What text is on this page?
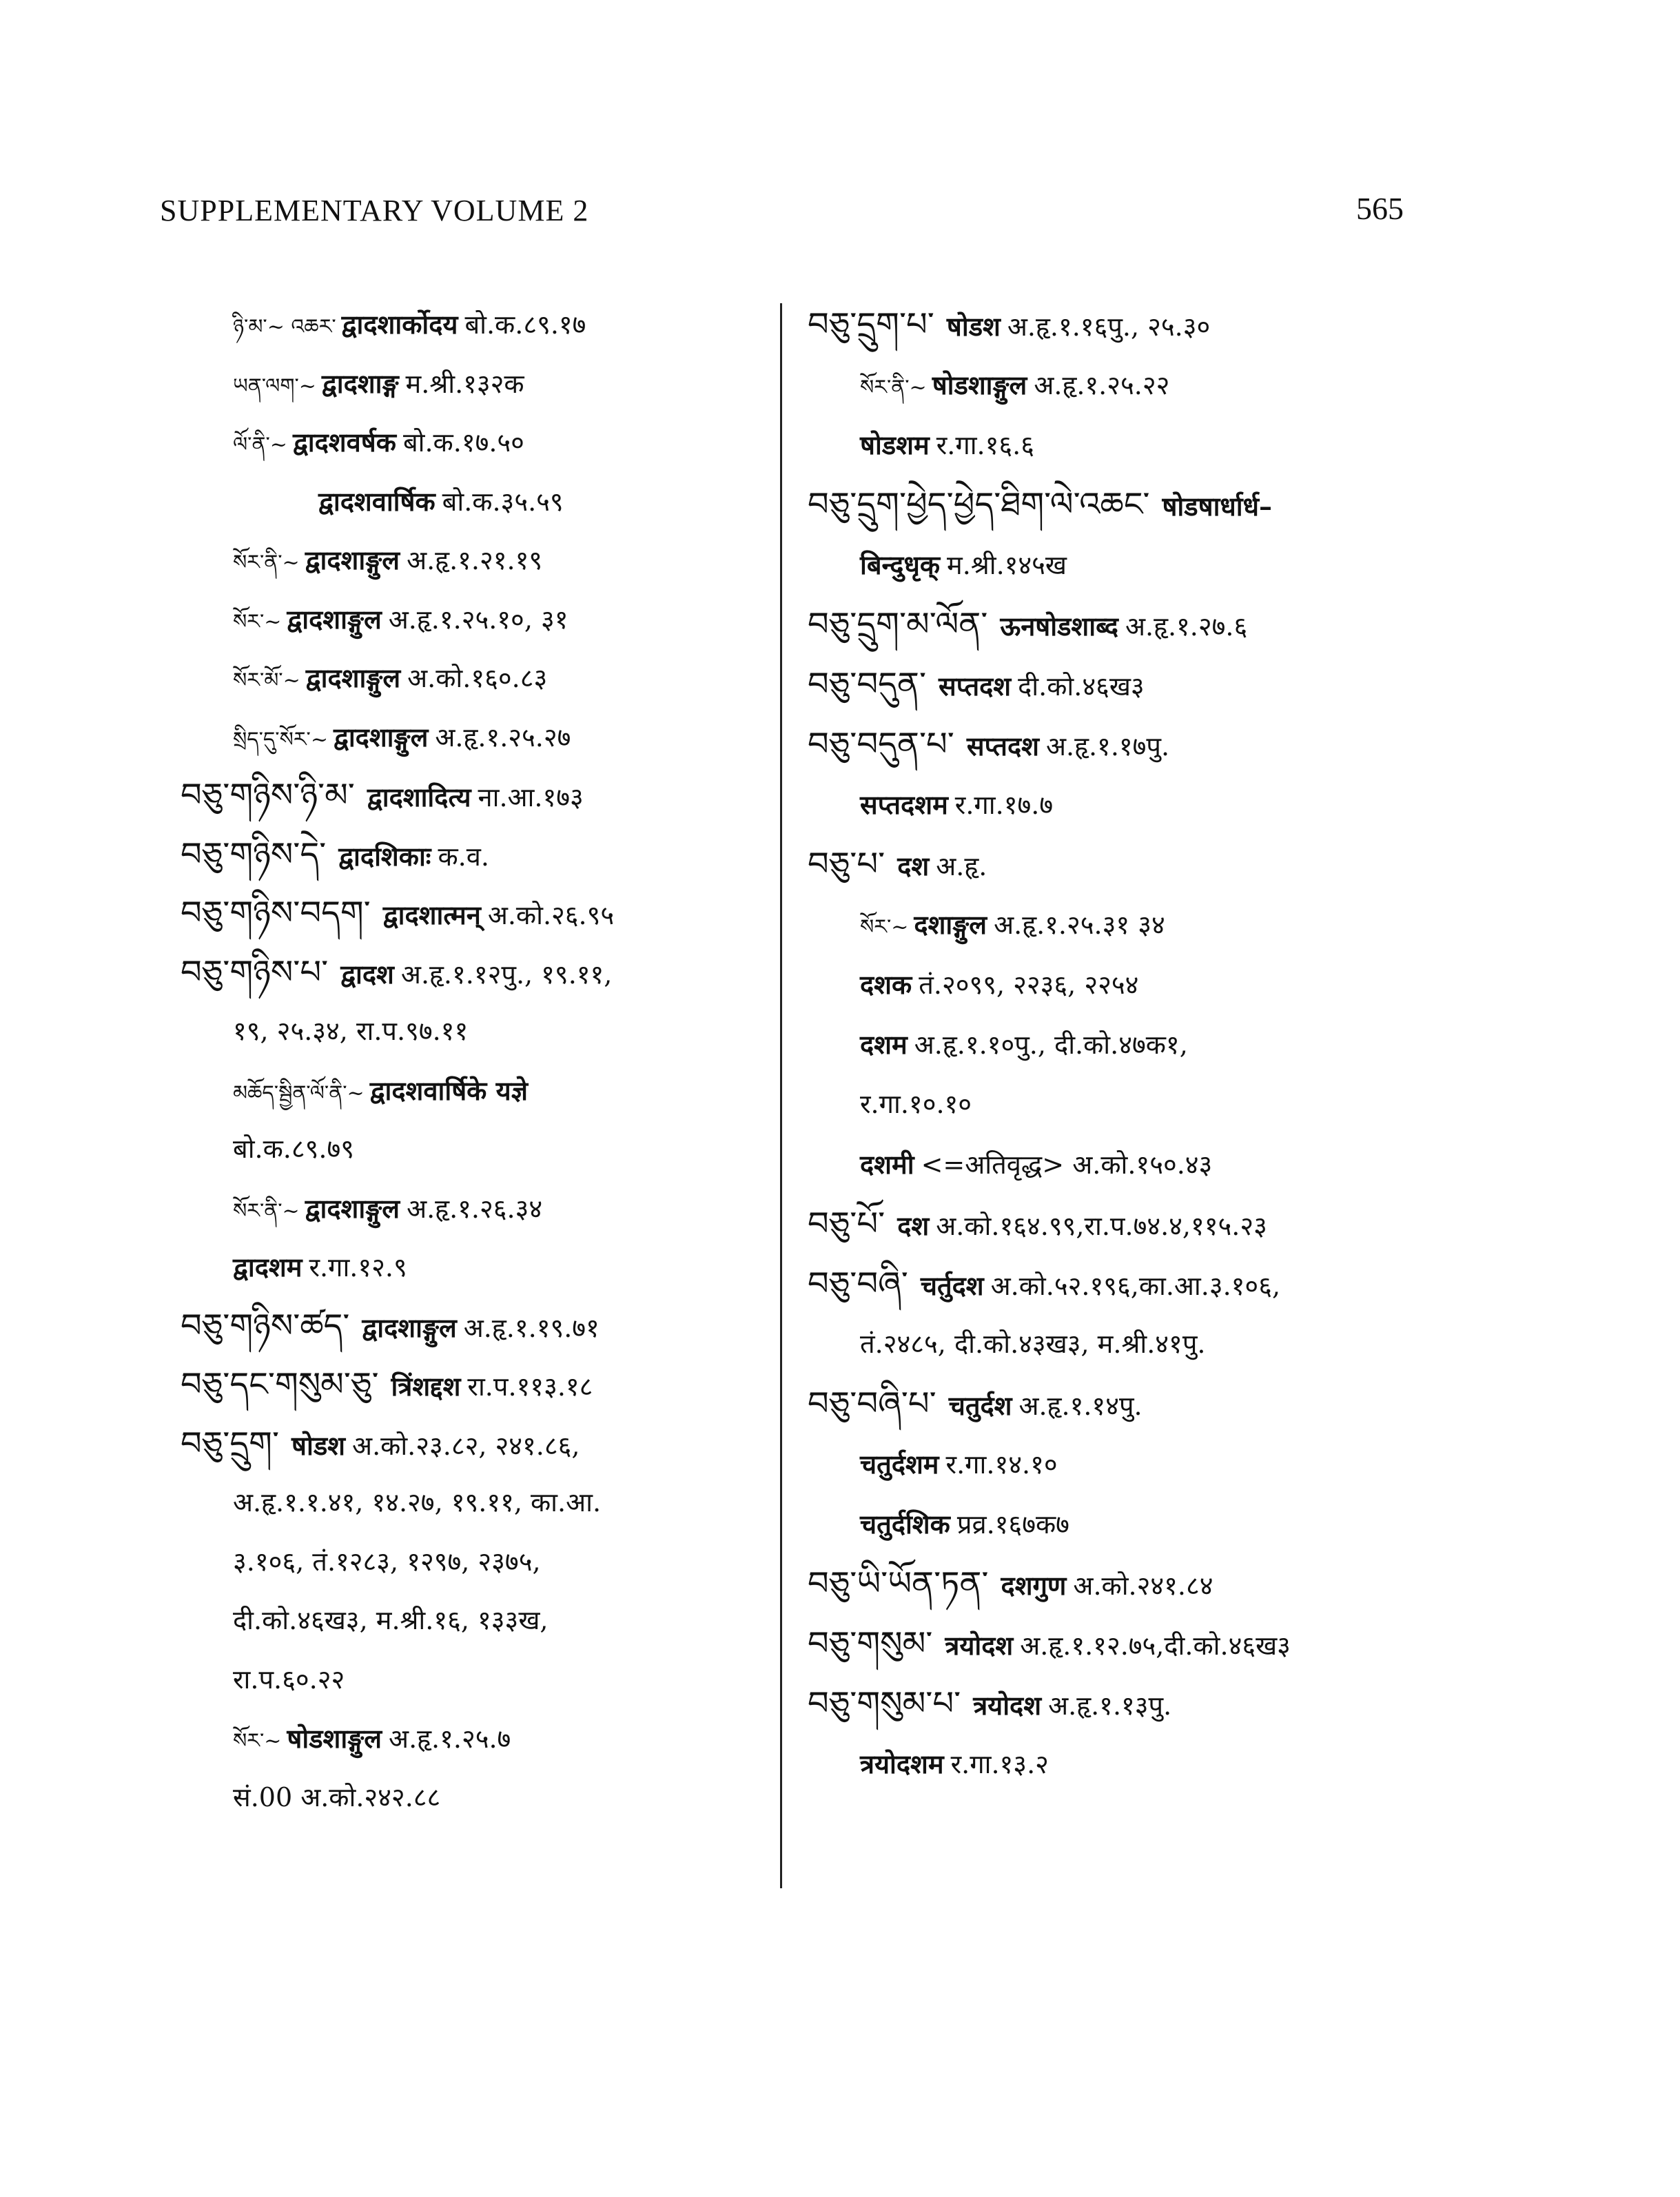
SUPPLEMENTARY VOLUME 2	565
ཉི་མ་~ འཆར་ द्वादशार्कोदय बो.क.८९.१७
ཡན་ལག་~ द्वादशाङ्ग म.श्री.१३२क
ལོ་ནི་~ द्वादशवर्षक बो.क.१७.५०
द्वादशवार्षिक बो.क.३५.५९
སོར་ནི་~ द्वादशाङ्गुल अ.हृ.१.२१.१९
སོར་~ द्वादशाङ्गुल अ.हृ.१.२५.१०, ३१
སོར་མོ་~ द्वादशाङ्गुल अ.को.१६०.८३
སྲིད་དུ་སོར་~ द्वादशाङ्गुल अ.हृ.१.२५.२७
བཅུ་གཉིས་ཉི་མ་ द्वादशादित्य ना.आ.१७३
བཅུ་གཉིས་དེ་ द्वादशिकाः क.व.
བཅུ་གཉིས་བདག་ द्वादशात्मन् अ.को.२६.९५
བཅུ་གཉིས་པ་ द्वादश अ.हृ.१.१२पु., १९.११,
१९, २५.३४, रा.प.९७.११
མཆོད་སྦྱིན་ལོ་ནི་~ द्वादशवार्षिके यज्ञे
बो.क.८९.७९
སོར་ནི་~ द्वादशाङ्गुल अ.हृ.१.२६.३४
द्वादशम र.गा.१२.९
བཅུ་གཉིས་ཚད་ द्वादशाङ्गुल अ.हृ.१.१९.७१
བཅུ་དང་གསུམ་ཅུ་ त्रिंशद्दश रा.प.११३.१८
བཅུ་དྲུག་ षोडश अ.को.२३.८२, २४१.८६,
अ.हृ.१.१.४१, १४.२७, १९.११, का.आ.
३.१०६, तं.१२८३, १२९७, २३७५,
दी.को.४६ख३, म.श्री.१६, १३३ख,
रा.प.६०.२२
སོར་~ षोडशाङ्गुल अ.हृ.१.२५.७
सं.00 अ.को.२४२.८८
བཅུ་དྲུག་པ་ षोडश अ.हृ.१.१६पु., २५.३०
སོར་ནི་~ षोडशाङ्गुल अ.हृ.१.२५.२२
षोडशम र.गा.१६.६
བཅུ་དྲུག་ཕྱེད་ཕྱེད་ཐིག་ལེ་འཆང་ षोडषार्धार्ध–
बिन्दुधृक् म.श्री.१४५ख
བཅུ་དྲུག་མ་ལོན་ ऊनषोडशाब्द अ.हृ.१.२७.६
བཅུ་བདུན་ सप्तदश दी.को.४६ख३
བཅུ་བདུན་པ་ सप्तदश अ.हृ.१.१७पु.
सप्तदशम र.गा.१७.७
བཅུ་པ་ दश अ.हृ.
སོར་~ दशाङ्गुल अ.हृ.१.२५.३१ ३४
दशक तं.२०९९, २२३६, २२५४
दशम अ.हृ.१.१०पु., दी.को.४७क१,
र.गा.१०.१०
दशमी <=अतिवृद्ध> अ.को.१५०.४३
བཅུ་པོ་ दश अ.को.१६४.९९,रा.प.७४.४,११५.२३
བཅུ་བཞི་ चर्तुदश अ.को.५२.१९६,का.आ.३.१०६,
तं.२४८५, दी.को.४३ख३, म.श्री.४१पु.
བཅུ་བཞི་པ་ चतुर्दश अ.हृ.१.१४पु.
चतुर्दशम र.गा.१४.१०
चतुर्दशिक प्रव्र.१६७क७
བཅུ་ཡི་ཡོན་ཏན་ दशगुण अ.को.२४१.८४
བཅུ་གསུམ་ त्रयोदश अ.हृ.१.१२.७५,दी.को.४६ख३
བཅུ་གསུམ་པ་ त्रयोदश अ.हृ.१.१३पु.
त्रयोदशम र.गा.१३.२
